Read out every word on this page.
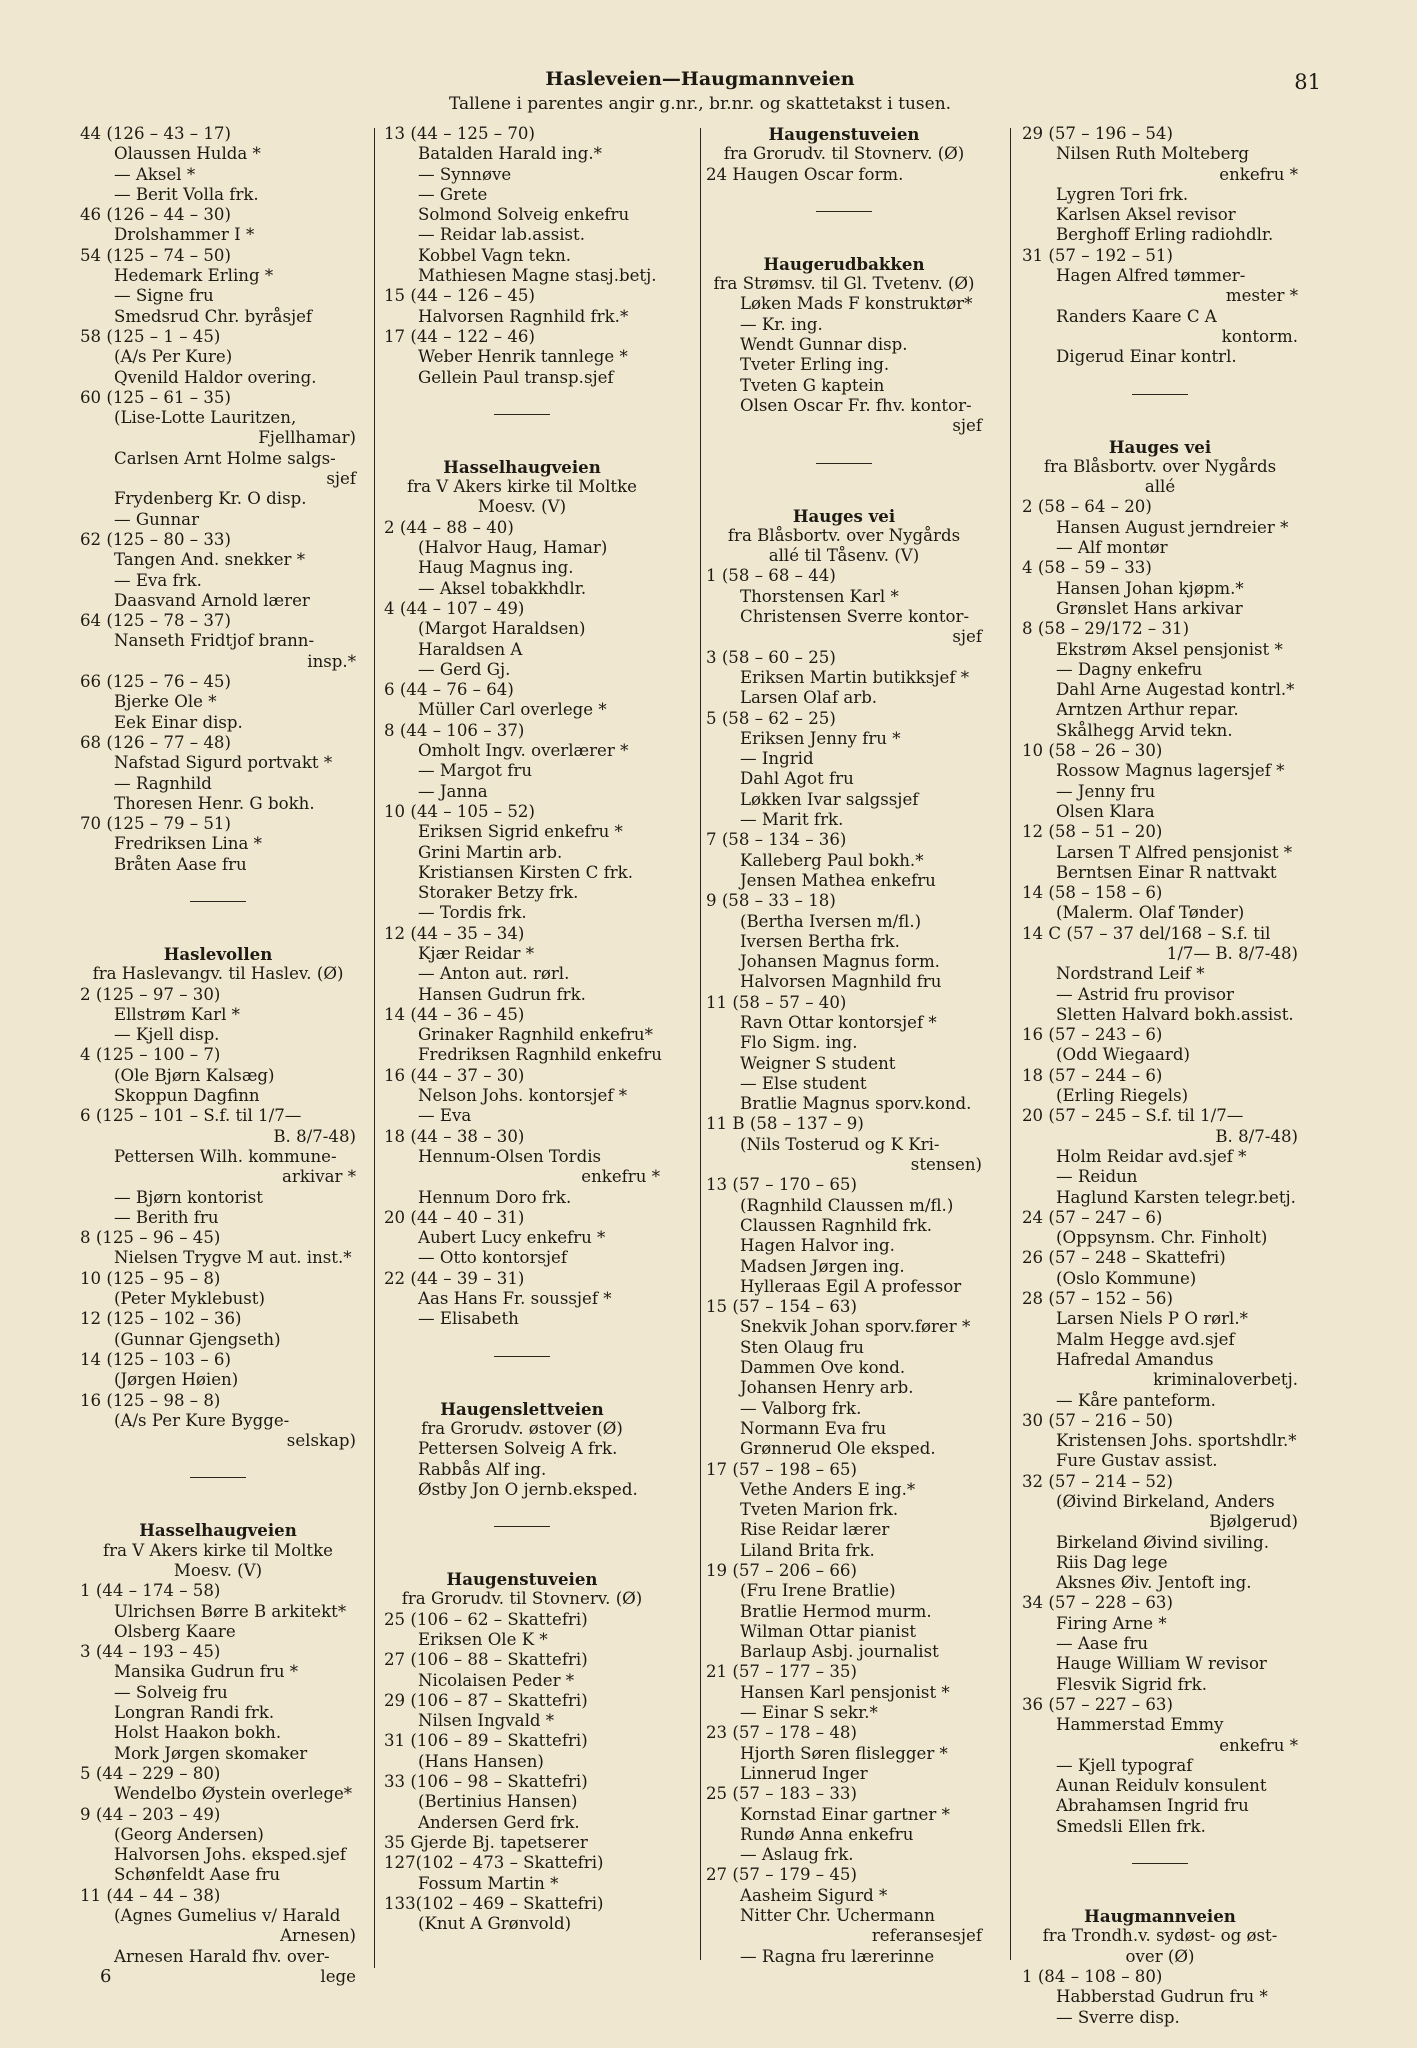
Hasleveien—Haugmannveien	81
Tallene i parentes angir g.nr., br.nr. og skattetakst i tusen.
44 (126 – 43 – 17)
Olaussen Hulda *
— Aksel *
— Berit Volla frk.
46 (126 – 44 – 30)
Drolshammer I *
54 (125 – 74 – 50)
Hedemark Erling *
— Signe fru
Smedsrud Chr. byråsjef
58 (125 – 1 – 45)
(A/s Per Kure)
Qvenild Haldor overing.
60 (125 – 61 – 35)
(Lise-Lotte Lauritzen,
Fjellhamar)
Carlsen Arnt Holme salgs-
sjef
Frydenberg Kr. O disp.
— Gunnar
62 (125 – 80 – 33)
Tangen And. snekker *
— Eva frk.
Daasvand Arnold lærer
64 (125 – 78 – 37)
Nanseth Fridtjof brann-
insp.*
66 (125 – 76 – 45)
Bjerke Ole *
Eek Einar disp.
68 (126 – 77 – 48)
Nafstad Sigurd portvakt *
— Ragnhild
Thoresen Henr. G bokh.
70 (125 – 79 – 51)
Fredriksen Lina *
Bråten Aase fru
Haslevollen
fra Haslevangv. til Haslev. (Ø)
2 (125 – 97 – 30)
Ellstrøm Karl *
— Kjell disp.
4 (125 – 100 – 7)
(Ole Bjørn Kalsæg)
Skoppun Dagfinn
6 (125 – 101 – S.f. til 1/7—
B. 8/7-48)
Pettersen Wilh. kommune-
arkivar *
— Bjørn kontorist
— Berith fru
8 (125 – 96 – 45)
Nielsen Trygve M aut. inst.*
10 (125 – 95 – 8)
(Peter Myklebust)
12 (125 – 102 – 36)
(Gunnar Gjengseth)
14 (125 – 103 – 6)
(Jørgen Høien)
16 (125 – 98 – 8)
(A/s Per Kure Bygge-
selskap)
Hasselhaugveien
fra V Akers kirke til Moltke
Moesv. (V)
1 (44 – 174 – 58)
Ulrichsen Børre B arkitekt*
Olsberg Kaare
3 (44 – 193 – 45)
Mansika Gudrun fru *
— Solveig fru
Longran Randi frk.
Holst Haakon bokh.
Mork Jørgen skomaker
5 (44 – 229 – 80)
Wendelbo Øystein overlege*
9 (44 – 203 – 49)
(Georg Andersen)
Halvorsen Johs. eksped.sjef
Schønfeldt Aase fru
11 (44 – 44 – 38)
(Agnes Gumelius v/ Harald
Arnesen)
Arnesen Harald fhv. over-
lege
13 (44 – 125 – 70)
Batalden Harald ing.*
— Synnøve
— Grete
Solmond Solveig enkefru
— Reidar lab.assist.
Kobbel Vagn tekn.
Mathiesen Magne stasj.betj.
15 (44 – 126 – 45)
Halvorsen Ragnhild frk.*
17 (44 – 122 – 46)
Weber Henrik tannlege *
Gellein Paul transp.sjef
Hasselhaugveien
fra V Akers kirke til Moltke
Moesv. (V)
2 (44 – 88 – 40)
(Halvor Haug, Hamar)
Haug Magnus ing.
— Aksel tobakkhdlr.
4 (44 – 107 – 49)
(Margot Haraldsen)
Haraldsen A
— Gerd Gj.
6 (44 – 76 – 64)
Müller Carl overlege *
8 (44 – 106 – 37)
Omholt Ingv. overlærer *
— Margot fru
— Janna
10 (44 – 105 – 52)
Eriksen Sigrid enkefru *
Grini Martin arb.
Kristiansen Kirsten C frk.
Storaker Betzy frk.
— Tordis frk.
12 (44 – 35 – 34)
Kjær Reidar *
— Anton aut. rørl.
Hansen Gudrun frk.
14 (44 – 36 – 45)
Grinaker Ragnhild enkefru*
Fredriksen Ragnhild enkefru
16 (44 – 37 – 30)
Nelson Johs. kontorsjef *
— Eva
18 (44 – 38 – 30)
Hennum-Olsen Tordis
enkefru *
Hennum Doro frk.
20 (44 – 40 – 31)
Aubert Lucy enkefru *
— Otto kontorsjef
22 (44 – 39 – 31)
Aas Hans Fr. soussjef *
— Elisabeth
Haugenslettveien
fra Grorudv. østover (Ø)
Pettersen Solveig A frk.
Rabbås Alf ing.
Østby Jon O jernb.eksped.
Haugenstuveien
fra Grorudv. til Stovnerv. (Ø)
25 (106 – 62 – Skattefri)
Eriksen Ole K *
27 (106 – 88 – Skattefri)
Nicolaisen Peder *
29 (106 – 87 – Skattefri)
Nilsen Ingvald *
31 (106 – 89 – Skattefri)
(Hans Hansen)
33 (106 – 98 – Skattefri)
(Bertinius Hansen)
Andersen Gerd frk.
35 Gjerde Bj. tapetserer
127(102 – 473 – Skattefri)
Fossum Martin *
133(102 – 469 – Skattefri)
(Knut A Grønvold)
Haugenstuveien
fra Grorudv. til Stovnerv. (Ø)
24 Haugen Oscar form.
Haugerudbakken
fra Strømsv. til Gl. Tvetenv. (Ø)
Løken Mads F konstruktør*
— Kr. ing.
Wendt Gunnar disp.
Tveter Erling ing.
Tveten G kaptein
Olsen Oscar Fr. fhv. kontor-
sjef
Hauges vei
fra Blåsbortv. over Nygårds
allé til Tåsenv. (V)
1 (58 – 68 – 44)
Thorstensen Karl *
Christensen Sverre kontor-
sjef
3 (58 – 60 – 25)
Eriksen Martin butikksjef *
Larsen Olaf arb.
5 (58 – 62 – 25)
Eriksen Jenny fru *
— Ingrid
Dahl Agot fru
Løkken Ivar salgssjef
— Marit frk.
7 (58 – 134 – 36)
Kalleberg Paul bokh.*
Jensen Mathea enkefru
9 (58 – 33 – 18)
(Bertha Iversen m/fl.)
Iversen Bertha frk.
Johansen Magnus form.
Halvorsen Magnhild fru
11 (58 – 57 – 40)
Ravn Ottar kontorsjef *
Flo Sigm. ing.
Weigner S student
— Else student
Bratlie Magnus sporv.kond.
11 B (58 – 137 – 9)
(Nils Tosterud og K Kri-
stensen)
13 (57 – 170 – 65)
(Ragnhild Claussen m/fl.)
Claussen Ragnhild frk.
Hagen Halvor ing.
Madsen Jørgen ing.
Hylleraas Egil A professor
15 (57 – 154 – 63)
Snekvik Johan sporv.fører *
Sten Olaug fru
Dammen Ove kond.
Johansen Henry arb.
— Valborg frk.
Normann Eva fru
Grønnerud Ole eksped.
17 (57 – 198 – 65)
Vethe Anders E ing.*
Tveten Marion frk.
Rise Reidar lærer
Liland Brita frk.
19 (57 – 206 – 66)
(Fru Irene Bratlie)
Bratlie Hermod murm.
Wilman Ottar pianist
Barlaup Asbj. journalist
21 (57 – 177 – 35)
Hansen Karl pensjonist *
— Einar S sekr.*
23 (57 – 178 – 48)
Hjorth Søren flislegger *
Linnerud Inger
25 (57 – 183 – 33)
Kornstad Einar gartner *
Rundø Anna enkefru
— Aslaug frk.
27 (57 – 179 – 45)
Aasheim Sigurd *
Nitter Chr. Uchermann
referansesjef
— Ragna fru lærerinne
29 (57 – 196 – 54)
Nilsen Ruth Molteberg
enkefru *
Lygren Tori frk.
Karlsen Aksel revisor
Berghoff Erling radiohdlr.
31 (57 – 192 – 51)
Hagen Alfred tømmer-
mester *
Randers Kaare C A
kontorm.
Digerud Einar kontrl.
Hauges vei
fra Blåsbortv. over Nygårds
allé
2 (58 – 64 – 20)
Hansen August jerndreier *
— Alf montør
4 (58 – 59 – 33)
Hansen Johan kjøpm.*
Grønslet Hans arkivar
8 (58 – 29/172 – 31)
Ekstrøm Aksel pensjonist *
— Dagny enkefru
Dahl Arne Augestad kontrl.*
Arntzen Arthur repar.
Skålhegg Arvid tekn.
10 (58 – 26 – 30)
Rossow Magnus lagersjef *
— Jenny fru
Olsen Klara
12 (58 – 51 – 20)
Larsen T Alfred pensjonist *
Berntsen Einar R nattvakt
14 (58 – 158 – 6)
(Malerm. Olaf Tønder)
14 C (57 – 37 del/168 – S.f. til
1/7— B. 8/7-48)
Nordstrand Leif *
— Astrid fru provisor
Sletten Halvard bokh.assist.
16 (57 – 243 – 6)
(Odd Wiegaard)
18 (57 – 244 – 6)
(Erling Riegels)
20 (57 – 245 – S.f. til 1/7—
B. 8/7-48)
Holm Reidar avd.sjef *
— Reidun
Haglund Karsten telegr.betj.
24 (57 – 247 – 6)
(Oppsynsm. Chr. Finholt)
26 (57 – 248 – Skattefri)
(Oslo Kommune)
28 (57 – 152 – 56)
Larsen Niels P O rørl.*
Malm Hegge avd.sjef
Hafredal Amandus
kriminaloverbetj.
— Kåre panteform.
30 (57 – 216 – 50)
Kristensen Johs. sportshdlr.*
Fure Gustav assist.
32 (57 – 214 – 52)
(Øivind Birkeland, Anders
Bjølgerud)
Birkeland Øivind siviling.
Riis Dag lege
Aksnes Øiv. Jentoft ing.
34 (57 – 228 – 63)
Firing Arne *
— Aase fru
Hauge William W revisor
Flesvik Sigrid frk.
36 (57 – 227 – 63)
Hammerstad Emmy
enkefru *
— Kjell typograf
Aunan Reidulv konsulent
Abrahamsen Ingrid fru
Smedsli Ellen frk.
Haugmannveien
fra Trondh.v. sydøst- og øst-
over (Ø)
1 (84 – 108 – 80)
Habberstad Gudrun fru *
— Sverre disp.
6
